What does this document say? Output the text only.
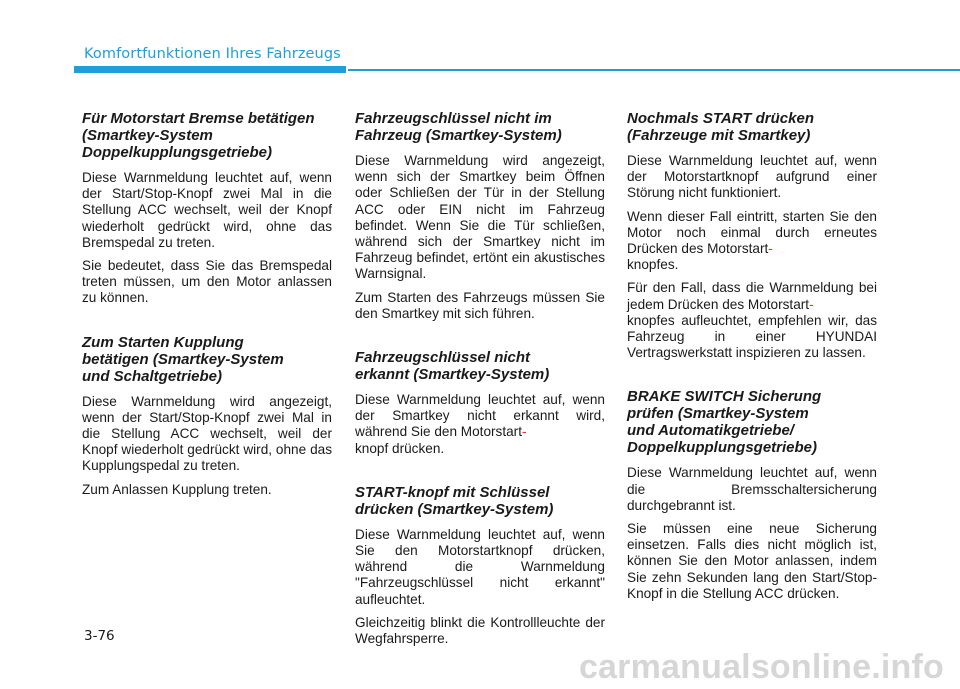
Komfortfunktionen Ihres Fahrzeugs
Für Motorstart Bremse betätigen
(Smartkey-System
Doppelkupplungsgetriebe)
Diese Warnmeldung leuchtet auf, wenn der Start/Stop-Knopf zwei Mal in die Stellung ACC wechselt, weil der Knopf wiederholt gedrückt wird, ohne das Bremspedal zu treten.
Sie bedeutet, dass Sie das Bremspedal treten müssen, um den Motor anlassen zu können.
Zum Starten Kupplung
betätigen (Smartkey-System
und Schaltgetriebe)
Diese Warnmeldung wird angezeigt, wenn der Start/Stop-Knopf zwei Mal in die Stellung ACC wechselt, weil der Knopf wiederholt gedrückt wird, ohne das Kupplungspedal zu treten.
Zum Anlassen Kupplung treten.
Fahrzeugschlüssel nicht im
Fahrzeug (Smartkey-System)
Diese Warnmeldung wird angezeigt, wenn sich der Smartkey beim Öffnen oder Schließen der Tür in der Stellung ACC oder EIN nicht im Fahrzeug befindet. Wenn Sie die Tür schließen, während sich der Smartkey nicht im Fahrzeug befindet, ertönt ein akustisches Warnsignal.
Zum Starten des Fahrzeugs müssen Sie den Smartkey mit sich führen.
Fahrzeugschlüssel nicht
erkannt (Smartkey-System)
Diese Warnmeldung leuchtet auf, wenn der Smartkey nicht erkannt wird, während Sie den Motorstart-
knopf drücken.
START-knopf mit Schlüssel
drücken (Smartkey-System)
Diese Warnmeldung leuchtet auf, wenn Sie den Motorstartknopf drücken, während die Warnmeldung "Fahrzeugschlüssel nicht erkannt" aufleuchtet.
Gleichzeitig blinkt die Kontrollleuchte der Wegfahrsperre.
Nochmals START drücken
(Fahrzeuge mit Smartkey)
Diese Warnmeldung leuchtet auf, wenn der Motorstartknopf aufgrund einer Störung nicht funktioniert.
Wenn dieser Fall eintritt, starten Sie den Motor noch einmal durch erneutes Drücken des Motorstart-
knopfes.
Für den Fall, dass die Warnmeldung bei jedem Drücken des Motorstart-
knopfes aufleuchtet, empfehlen wir, das Fahrzeug in einer HYUNDAI Vertragswerkstatt inspizieren zu lassen.
BRAKE SWITCH Sicherung
prüfen (Smartkey-System
und Automatikgetriebe/
Doppelkupplungsgetriebe)
Diese Warnmeldung leuchtet auf, wenn die Bremsschaltersicherung durchgebrannt ist.
Sie müssen eine neue Sicherung einsetzen. Falls dies nicht möglich ist, können Sie den Motor anlassen, indem Sie zehn Sekunden lang den Start/Stop-Knopf in die Stellung ACC drücken.
3-76
carmanualsonline.info
